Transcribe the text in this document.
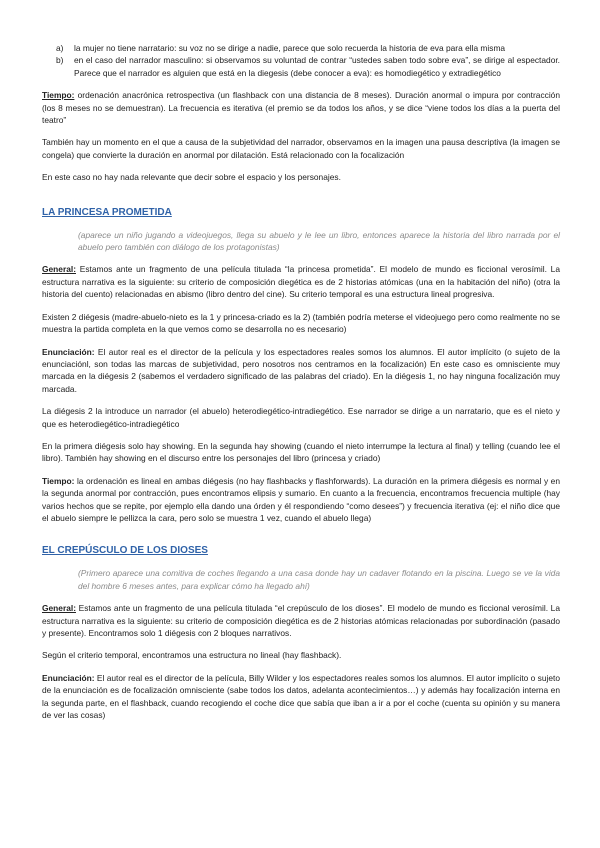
a)	la mujer no tiene narratario: su voz no se dirige a nadie, parece que solo recuerda la historia de eva para ella misma
b)	en el caso del narrador masculino: si observamos su voluntad de contrar “ustedes saben todo sobre eva”, se dirige al espectador. Parece que el narrador es alguien que está en la diegesis (debe conocer a eva): es homodiegético y extradiegético

Tiempo: ordenación anacrónica retrospectiva (un flashback con una distancia de 8 meses). Duración anormal o impura por contracción (los 8 meses no se demuestran). La frecuencia es iterativa (el premio se da todos los años, y se dice “viene todos los días a la puerta del teatro”

También hay un momento en el que a causa de la subjetividad del narrador, observamos en la imagen una pausa descriptiva (la imagen se congela) que convierte la duración en anormal por dilatación. Está relacionado con la focalización

En este caso no hay nada relevante que decir sobre el espacio y los personajes.

LA PRINCESA PROMETIDA

(aparece un niño jugando a videojuegos, llega su abuelo y le lee un libro, entonces aparece la historia del libro narrada por el abuelo pero también con diálogo de los protagonistas)

General: Estamos ante un fragmento de una película titulada “la princesa prometida”. El modelo de mundo es ficcional verosímil. La estructura narrativa es la siguiente: su criterio de composición diegética es de 2 historias atómicas (una en la habitación del niño) (otra la historia del cuento) relacionadas en abismo (libro dentro del cine). Su criterio temporal es una estructura lineal progresiva.

Existen 2 diégesis (madre-abuelo-nieto es la 1 y princesa-criado es la 2) (también podría meterse el videojuego pero como realmente no se muestra la partida completa en la que vemos como se desarrolla no es necesario)

Enunciación: El autor real es el director de la película y los espectadores reales somos los alumnos. El autor implícito (o sujeto de la enunciaciónl, son todas las marcas de subjetividad, pero nosotros nos centramos en la focalización) En este caso es omnisciente muy marcada en la diégesis 2 (sabemos el verdadero significado de las palabras del criado). En la diégesis 1, no hay ninguna focalización muy marcada.

La diégesis 2 la introduce un narrador (el abuelo) heterodiegético-intradiegético. Ese narrador se dirige a un narratario, que es el nieto y que es heterodiegético-intradiegético

En la primera diégesis solo hay showing. En la segunda hay showing (cuando el nieto interrumpe la lectura al final) y telling (cuando lee el libro). También hay showing en el discurso entre los personajes del libro (princesa y criado)

Tiempo: la ordenación es lineal en ambas diégesis (no hay flashbacks y flashforwards). La duración en la primera diégesis es normal y en la segunda anormal por contracción, pues encontramos elipsis y sumario. En cuanto a la frecuencia, encontramos frecuencia multiple (hay varios hechos que se repite, por ejemplo ella dando una órden y él respondiendo “como desees”) y frecuencia iterativa (ej: el niño dice que el abuelo siempre le pellizca la cara, pero solo se muestra 1 vez, cuando el abuelo llega)

EL CREPÚSCULO DE LOS DIOSES

(Primero aparece una comitiva de coches llegando a una casa donde hay un cadaver flotando en la piscina. Luego se ve la vida del hombre 6 meses antes, para explicar cómo ha llegado ahí)

General: Estamos ante un fragmento de una película titulada “el crepúsculo de los dioses”. El modelo de mundo es ficcional verosímil. La estructura narrativa es la siguiente: su criterio de composición diegética es de 2 historias atómicas relacionadas por subordinación (pasado y presente). Encontramos solo 1 diégesis con 2 bloques narrativos.

Según el criterio temporal, encontramos una estructura no lineal (hay flashback).

Enunciación: El autor real es el director de la película, Billy Wilder y los espectadores reales somos los alumnos. El autor implícito o sujeto de la enunciación es de focalización omnisciente (sabe todos los datos, adelanta acontecimientos…) y además hay focalización interna en la segunda parte, en el flashback, cuando recogiendo el coche dice que sabía que iban a ir a por el coche (cuenta su opinión y su manera de ver las cosas)
